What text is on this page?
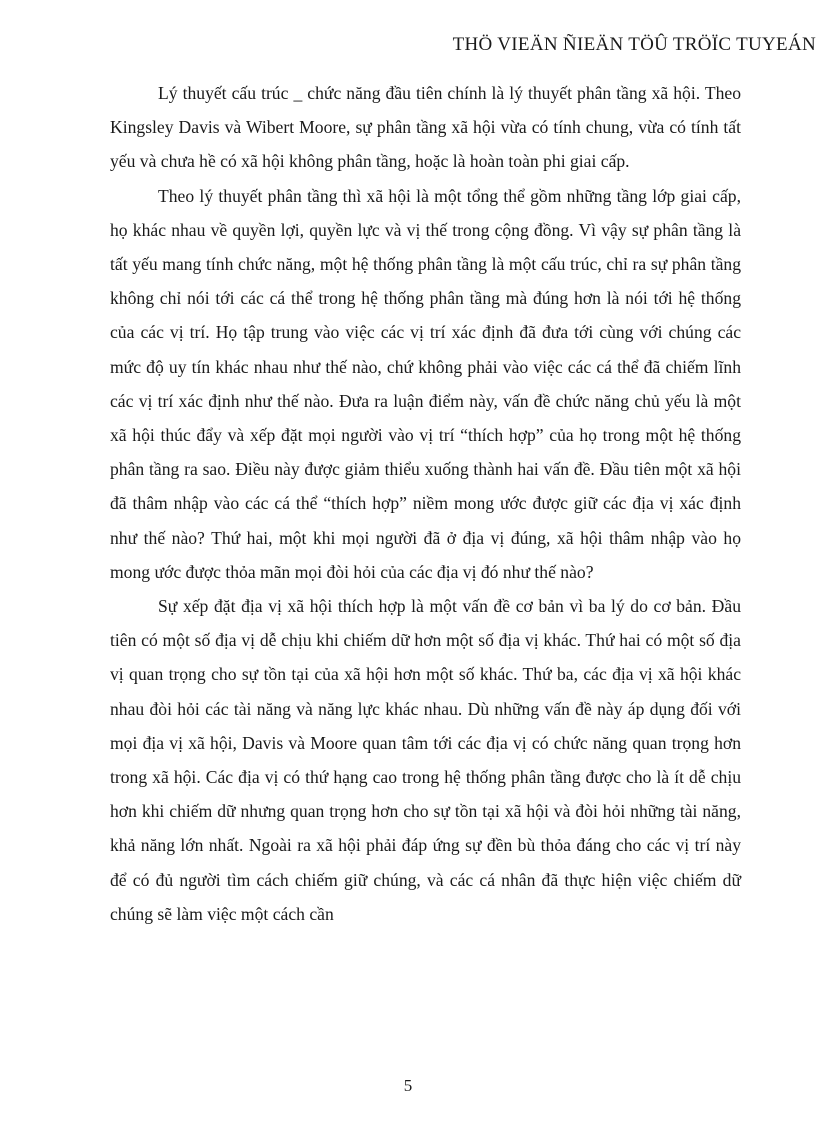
THÖ VIEÄN ÑIEÄN TÖÛ TRÖÏC TUYEÁN

Lý thuyết cấu trúc _ chức năng đầu tiên chính là lý thuyết phân tầng xã hội. Theo Kingsley Davis và Wibert Moore, sự phân tầng xã hội vừa có tính chung, vừa có tính tất yếu và chưa hề có xã hội không phân tầng, hoặc là hoàn toàn phi giai cấp.

Theo lý thuyết phân tầng thì xã hội là một tổng thể gồm những tầng lớp giai cấp, họ khác nhau về quyền lợi, quyền lực và vị thế trong cộng đồng. Vì vậy sự phân tầng là tất yếu mang tính chức năng, một hệ thống phân tầng là một cấu trúc, chỉ ra sự phân tầng không chỉ nói tới các cá thể trong hệ thống phân tầng mà đúng hơn là nói tới hệ thống của các vị trí. Họ tập trung vào việc các vị trí xác định đã đưa tới cùng với chúng các mức độ uy tín khác nhau như thế nào, chứ không phải vào việc các cá thể đã chiếm lĩnh các vị trí xác định như thế nào. Đưa ra luận điểm này, vấn đề chức năng chủ yếu là một xã hội thúc đẩy và xếp đặt mọi người vào vị trí “thích hợp” của họ trong một hệ thống phân tầng ra sao. Điều này được giảm thiểu xuống thành hai vấn đề. Đầu tiên một xã hội đã thâm nhập vào các cá thể “thích hợp” niềm mong ước được giữ các địa vị xác định như thế nào? Thứ hai, một khi mọi người đã ở địa vị đúng, xã hội thâm nhập vào họ mong ước được thỏa mãn mọi đòi hỏi của các địa vị đó như thế nào?

Sự xếp đặt địa vị xã hội thích hợp là một vấn đề cơ bản vì ba lý do cơ bản. Đầu tiên có một số địa vị dễ chịu khi chiếm dữ hơn một số địa vị khác. Thứ hai có một số địa vị quan trọng cho sự tồn tại của xã hội hơn một số khác. Thứ ba, các địa vị xã hội khác nhau đòi hỏi các tài năng và năng lực khác nhau. Dù những vấn đề này áp dụng đối với mọi địa vị xã hội, Davis và Moore quan tâm tới các địa vị có chức năng quan trọng hơn trong xã hội. Các địa vị có thứ hạng cao trong hệ thống phân tầng được cho là ít dễ chịu hơn khi chiếm dữ nhưng quan trọng hơn cho sự tồn tại xã hội và đòi hỏi những tài năng, khả năng lớn nhất. Ngoài ra xã hội phải đáp ứng sự đền bù thỏa đáng cho các vị trí này để có đủ người tìm cách chiếm giữ chúng, và các cá nhân đã thực hiện việc chiếm dữ chúng sẽ làm việc một cách cần

5
